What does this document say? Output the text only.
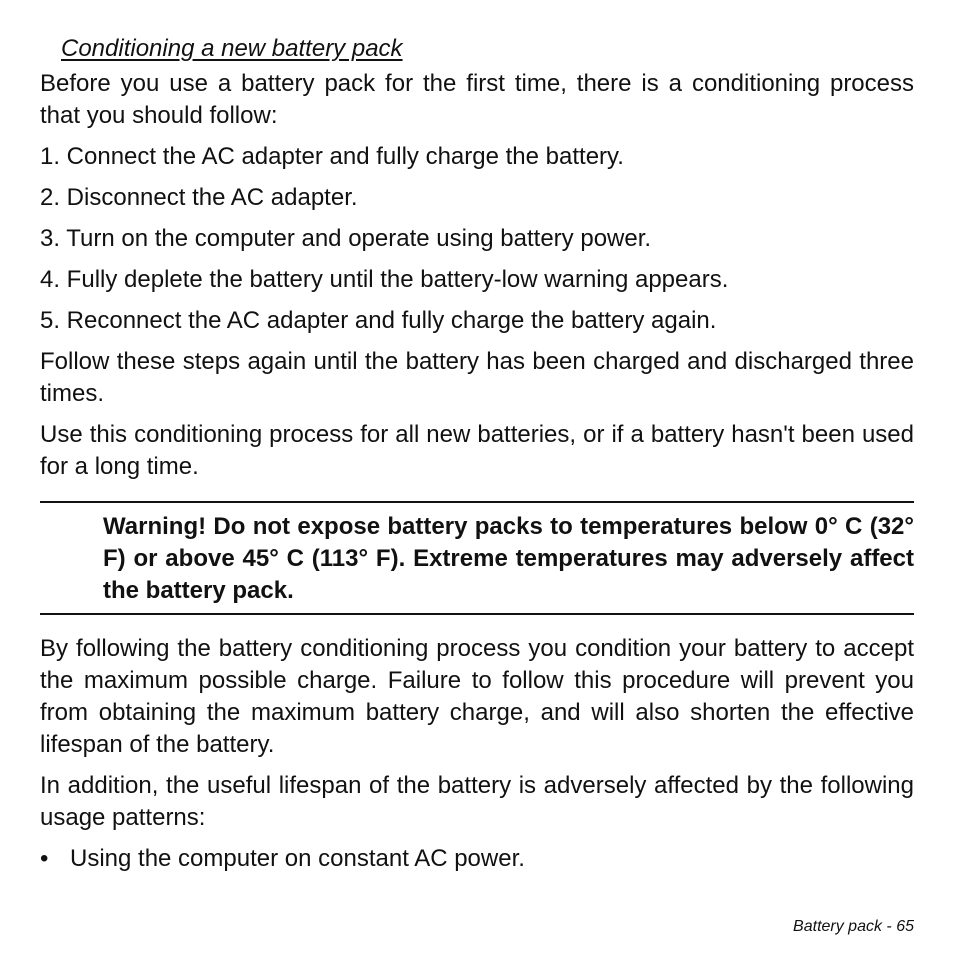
Conditioning a new battery pack

Before you use a battery pack for the first time, there is a conditioning process that you should follow:

1. Connect the AC adapter and fully charge the battery.
2. Disconnect the AC adapter.
3. Turn on the computer and operate using battery power.
4. Fully deplete the battery until the battery-low warning appears.
5. Reconnect the AC adapter and fully charge the battery again.

Follow these steps again until the battery has been charged and discharged three times.

Use this conditioning process for all new batteries, or if a battery hasn't been used for a long time.

Warning! Do not expose battery packs to temperatures below 0° C (32° F) or above 45° C (113° F). Extreme temperatures may adversely affect the battery pack.

By following the battery conditioning process you condition your battery to accept the maximum possible charge. Failure to follow this procedure will prevent you from obtaining the maximum battery charge, and will also shorten the effective lifespan of the battery.

In addition, the useful lifespan of the battery is adversely affected by the following usage patterns:

• Using the computer on constant AC power.
Battery pack - 65
